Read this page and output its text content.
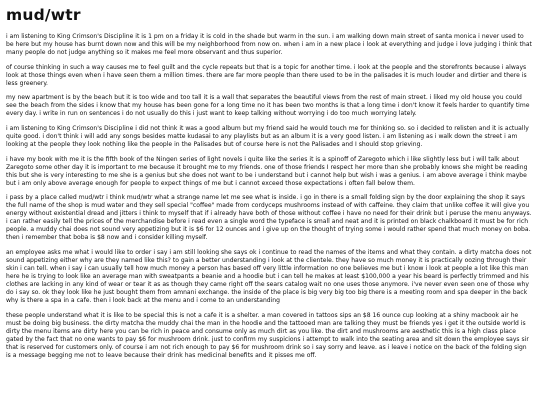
mud/wtr

i am listening to King Crimson's Discipline it is 1 pm on a friday it is cold in the shade but warm in the sun. i am walking down main street of santa monica i never used to be here but my house has burnt down now and this will be my neighborhood from now on. when i am in a new place i look at everything and judge i love judging i think that many people do not judge anything so it makes me feel more observant and thus superior.

of course thinking in such a way causes me to feel guilt and the cycle repeats but that is a topic for another time. i look at the people and the storefronts because i always look at those things even when i have seen them a million times. there are far more people than there used to be in the palisades it is much louder and dirtier and there is less greenery.

my new apartment is by the beach but it is too wide and too tall it is a wall that separates the beautiful views from the rest of main street. i liked my old house you could see the beach from the sides i know that my house has been gone for a long time no it has been two months is that a long time i don't know it feels harder to quantify time every day. i write in run on sentences i do not usually do this i just want to keep talking without worrying i do too much worrying lately.

i am listening to King Crimson's Discipline i did not think it was a good album but my friend said he would touch me for thinking so. so i decided to relisten and it is actually quite good. i don't think i will add any songs besides matte kudasai to any playlists but as an album it is a very good listen. i am listening as i walk down the street i am looking at the people they look nothing like the people in the Palisades but of course here is not the Palisades and I should stop grieving.

i have my book with me it is the fifth book of the Ningen series of light novels i quite like the series it is a spinoff of Zaregoto which i like slightly less but i will talk about Zaregoto some other day it is important to me because it brought me to my friends. one of those friends I respect her more than she probably knows she might be reading this but she is very interesting to me she is a genius but she does not want to be i understand but i cannot help but wish i was a genius. i am above average i think maybe but i am only above average enough for people to expect things of me but i cannot exceed those expectations i often fall below them.

i pass by a place called mud/wtr i think mud/wtr what a strange name let me see what is inside. i go in there is a small folding sign by the door explaining the shop it says the full name of the shop is mud water and they sell special "coffee" made from cordyceps mushrooms instead of with caffeine. they claim that unlike coffee it will give you energy without existential dread and jitters i think to myself that if i already have both of those without coffee i have no need for their drink but i peruse the menu anyways. i can rather easily tell the prices of the merchandise before i read even a single word the typeface is small and neat and it is printed on black chalkboard it must be for rich people. a muddy chai does not sound very appetizing but it is $6 for 12 ounces and i give up on the thought of trying some i would rather spend that much money on boba. then i remember that boba is $8 now and i consider killing myself.

an employee asks me what i would like to order i say i am still looking she says ok i continue to read the names of the items and what they contain. a dirty matcha does not sound appetizing either why are they named like this? to gain a better understanding i look at the clientele. they have so much money it is practically oozing through their skin i can tell. when i say i can usually tell how much money a person has based off very little information no one believes me but i know i look at people a lot like this man here he is trying to look like an average man with sweatpants a beanie and a hoodie but i can tell he makes at least $100,000 a year his beard is perfectly trimmed and his clothes are lacking in any kind of wear or tear it as as though they came right off the sears catalog wait no one uses those anymore. i've never even seen one of those why do i say so. ok they look like he just bought them from amnani exchange. the inside of the place is big very big too big there is a meeting room and spa deeper in the back why is there a spa in a cafe. then i look back at the menu and i come to an understanding

these people understand what it is like to be special this is not a cafe it is a shelter. a man covered in tattoos sips an $8 16 ounce cup looking at a shiny macbook air he must be doing big business. the dirty matcha the muddy chai the man in the hoodie and the tattooed man are talking they must be friends yes i get it the outside world is dirty the menu items are dirty here you can be rich in peace and consume only as much dirt as you like. the dirt and mushrooms are aesthetic this is a high class place gated by the fact that no one wants to pay $6 for mushroom drink. just to confirm my suspicions i attempt to walk into the seating area and sit down the employee says sir that is reserved for customers only. of course i am not rich enough to pay $6 for mushroom drink so i say sorry and leave. as i leave i notice on the back of the folding sign is a message begging me not to leave because their drink has medicinal benefits and it pisses me off.
